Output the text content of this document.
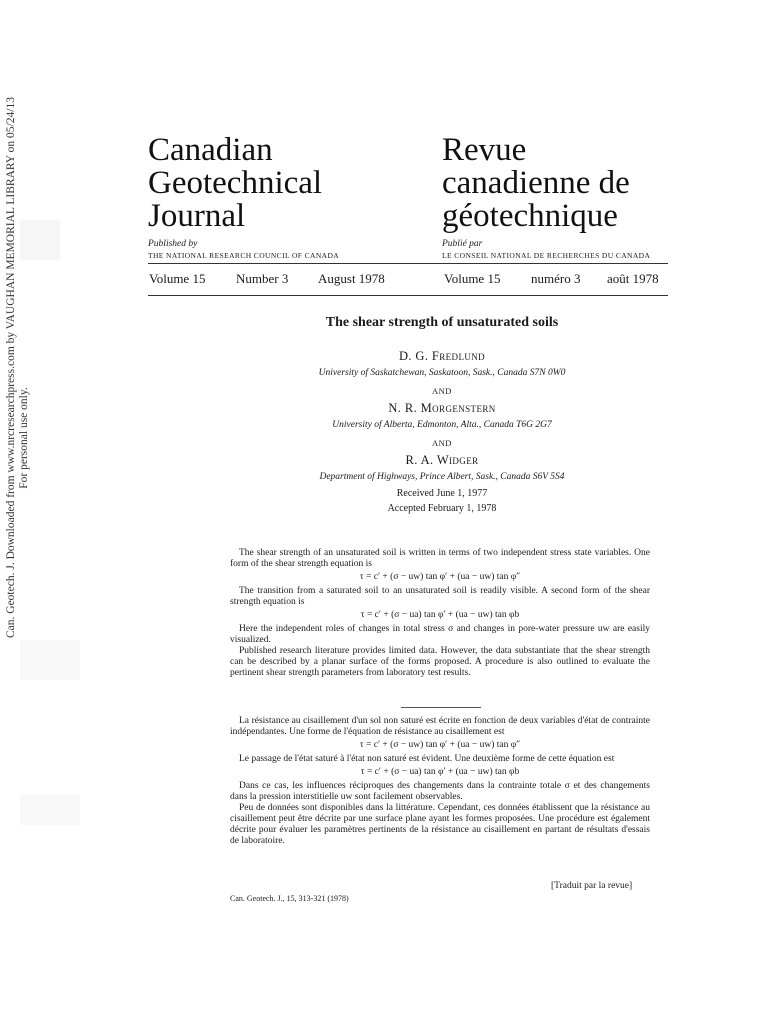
Can. Geotech. J. Downloaded from www.nrcresearchpress.com by VAUGHAN MEMORIAL LIBRARY on 05/24/13 For personal use only.
Canadian
Geotechnical
Journal
Published by
THE NATIONAL RESEARCH COUNCIL OF CANADA
Revue
canadienne de
géotechnique
Publié par
LE CONSEIL NATIONAL DE RECHERCHES DU CANADA
Volume 15 Number 3 August 1978	Volume 15 numéro 3 août 1978
The shear strength of unsaturated soils
D. G. Fredlund
University of Saskatchewan, Saskatoon, Sask., Canada S7N 0W0
AND
N. R. Morgenstern
University of Alberta, Edmonton, Alta., Canada T6G 2G7
AND
R. A. Widger
Department of Highways, Prince Albert, Sask., Canada S6V 5S4
Received June 1, 1977
Accepted February 1, 1978

The shear strength of an unsaturated soil is written in terms of two independent stress state variables. One form of the shear strength equation is

τ = c′ + (σ − uw) tan φ′ + (ua − uw) tan φ″

The transition from a saturated soil to an unsaturated soil is readily visible. A second form of the shear strength equation is

τ = c′ + (σ − ua) tan φ′ + (ua − uw) tan φb

Here the independent roles of changes in total stress σ and changes in pore-water pressure uw are easily visualized.

Published research literature provides limited data. However, the data substantiate that the shear strength can be described by a planar surface of the forms proposed. A procedure is also outlined to evaluate the pertinent shear strength parameters from laboratory test results.

La résistance au cisaillement d'un sol non saturé est écrite en fonction de deux variables d'état de contrainte indépendantes. Une forme de l'équation de résistance au cisaillement est

τ = c′ + (σ − uw) tan φ′ + (ua − uw) tan φ″

Le passage de l'état saturé à l'état non saturé est évident. Une deuxième forme de cette équation est

τ = c′ + (σ − ua) tan φ′ + (ua − uw) tan φb

Dans ce cas, les influences réciproques des changements dans la contrainte totale σ et des changements dans la pression interstitielle uw sont facilement observables.

Peu de données sont disponibles dans la littérature. Cependant, ces données établissent que la résistance au cisaillement peut être décrite par une surface plane ayant les formes proposées. Une procédure est également décrite pour évaluer les paramètres pertinents de la résistance au cisaillement en partant de résultats d'essais de laboratoire.

[Traduit par la revue]
Can. Geotech. J., 15, 313-321 (1978)
